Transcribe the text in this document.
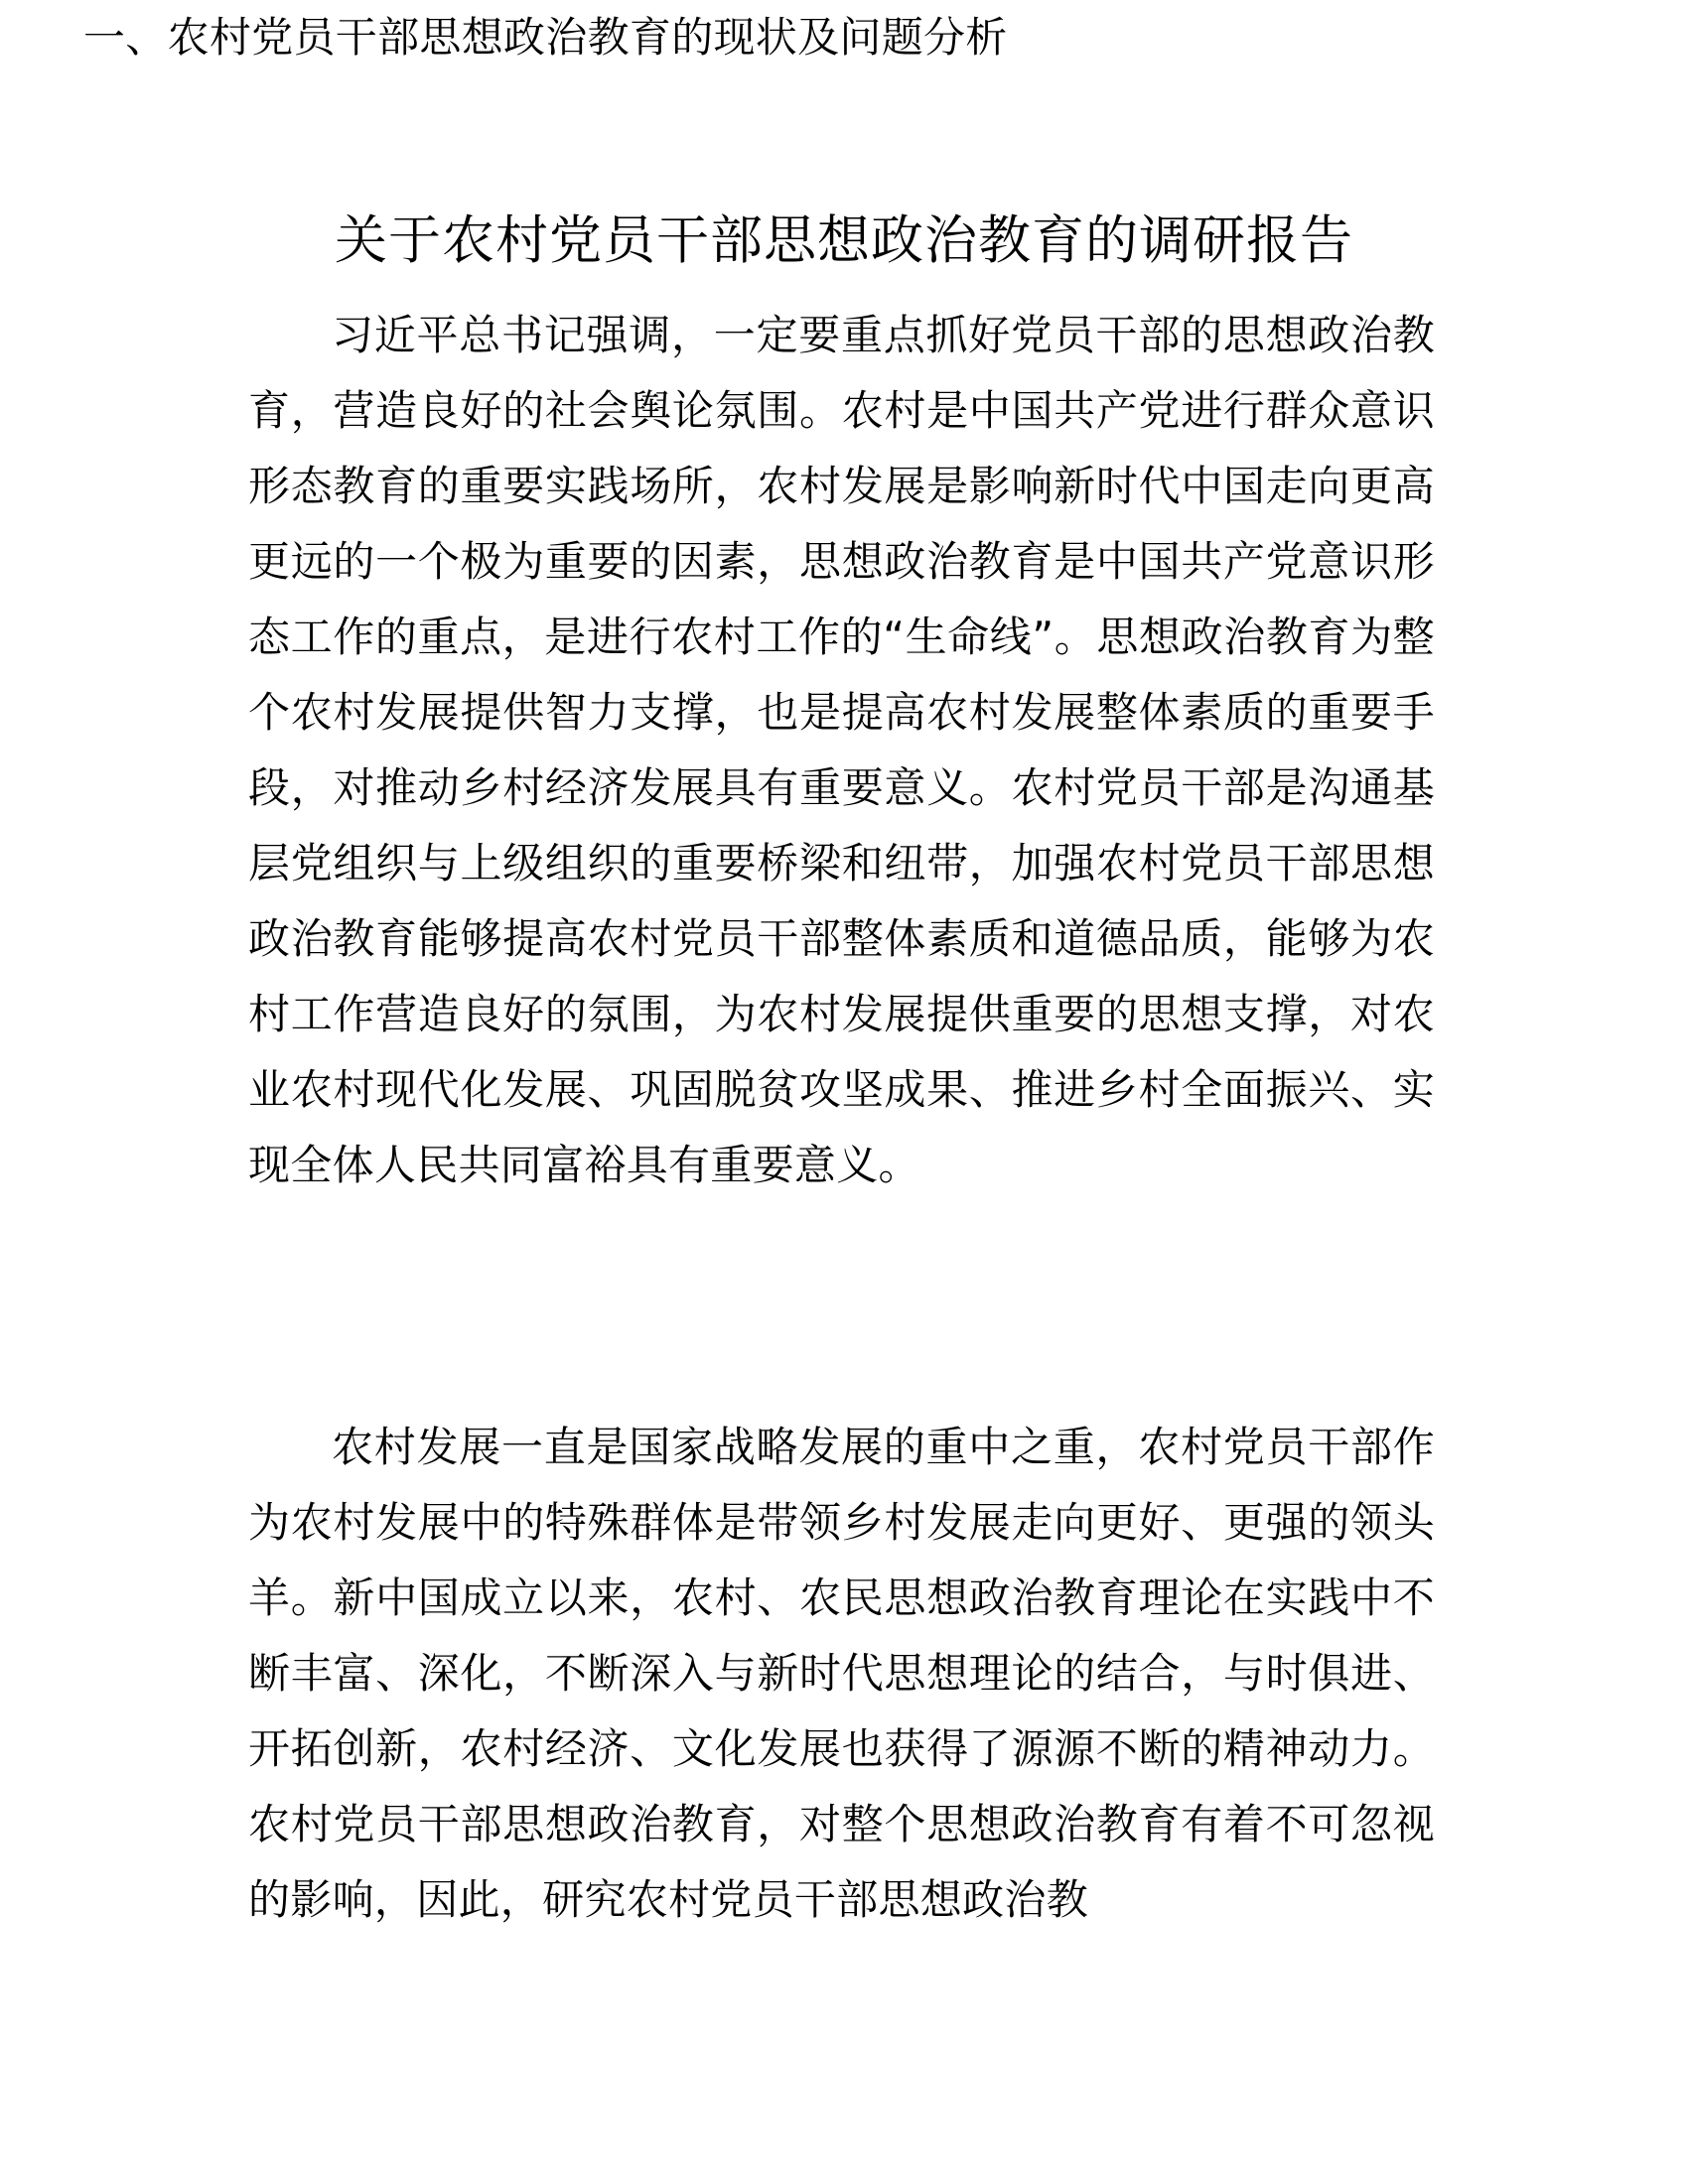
关于农村党员干部思想政治教育的调研报告

习近平总书记强调，一定要重点抓好党员干部的思想政治教育，营造良好的社会舆论氛围。农村是中国共产党进行群众意识形态教育的重要实践场所，农村发展是影响新时代中国走向更高更远的一个极为重要的因素，思想政治教育是中国共产党意识形态工作的重点，是进行农村工作的“生命线”。思想政治教育为整个农村发展提供智力支撑，也是提高农村发展整体素质的重要手段，对推动乡村经济发展具有重要意义。农村党员干部是沟通基层党组织与上级组织的重要桥梁和纽带，加强农村党员干部思想政治教育能够提高农村党员干部整体素质和道德品质，能够为农村工作营造良好的氛围，为农村发展提供重要的思想支撑，对农业农村现代化发展、巩固脱贫攻坚成果、推进乡村全面振兴、实现全体人民共同富裕具有重要意义。

一、农村党员干部思想政治教育的现状及问题分析

农村发展一直是国家战略发展的重中之重，农村党员干部作为农村发展中的特殊群体是带领乡村发展走向更好、更强的领头羊。新中国成立以来，农村、农民思想政治教育理论在实践中不断丰富、深化，不断深入与新时代思想理论的结合，与时俱进、开拓创新，农村经济、文化发展也获得了源源不断的精神动力。农村党员干部思想政治教育，对整个思想政治教育有着不可忽视的影响，因此，研究农村党员干部思想政治教
